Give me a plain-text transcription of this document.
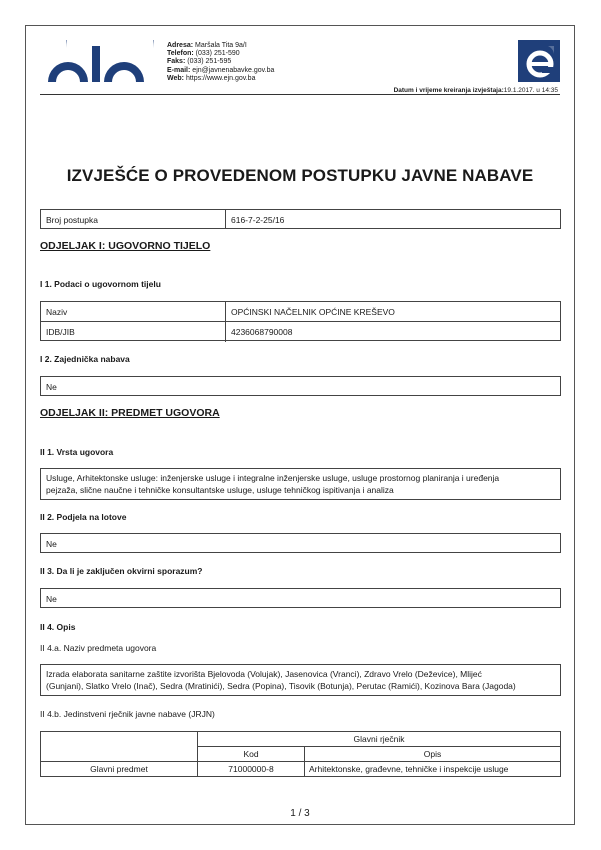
Adresa: Maršala Tita 9a/I
Telefon: (033) 251-590
Faks: (033) 251-595
E-mail: ejn@javnenabavke.gov.ba
Web: https://www.ejn.gov.ba
Datum i vrijeme kreiranja izvještaja:19.1.2017. u 14:35
IZVJEŠĆE O PROVEDENOM POSTUPKU JAVNE NABAVE
Broj postupka	616-7-2-25/16
ODJELJAK I: UGOVORNO TIJELO
I 1. Podaci o ugovornom tijelu
Naziv	OPĆINSKI NAČELNIK OPĆINE KREŠEVO
IDB/JIB	4236068790008
I 2. Zajednička nabava
Ne
ODJELJAK II: PREDMET UGOVORA
II 1. Vrsta ugovora
Usluge, Arhitektonske usluge: inženjerske usluge i integralne inženjerske usluge, usluge prostornog planiranja i uređenja
pejzaža, slične naučne i tehničke konsultantske usluge, usluge tehničkog ispitivanja i analiza
II 2. Podjela na lotove
Ne
II 3. Da li je zaključen okvirni sporazum?
Ne
II 4. Opis
II 4.a. Naziv predmeta ugovora
Izrada elaborata sanitarne zaštite izvorišta Bjelovoda (Volujak), Jasenovica (Vranci), Zdravo Vrelo (Deževice), Mlijeć
(Gunjani), Slatko Vrelo (Inač), Sedra (Mratinići), Sedra (Popina), Tisovik (Botunja), Perutac (Ramići), Kozinova Bara (Jagoda)
II 4.b. Jedinstveni rječnik javne nabave (JRJN)
	Glavni rječnik	
	Kod	Opis
Glavni predmet	71000000-8	Arhitektonske, građevne, tehničke i inspekcije usluge
1 / 3
